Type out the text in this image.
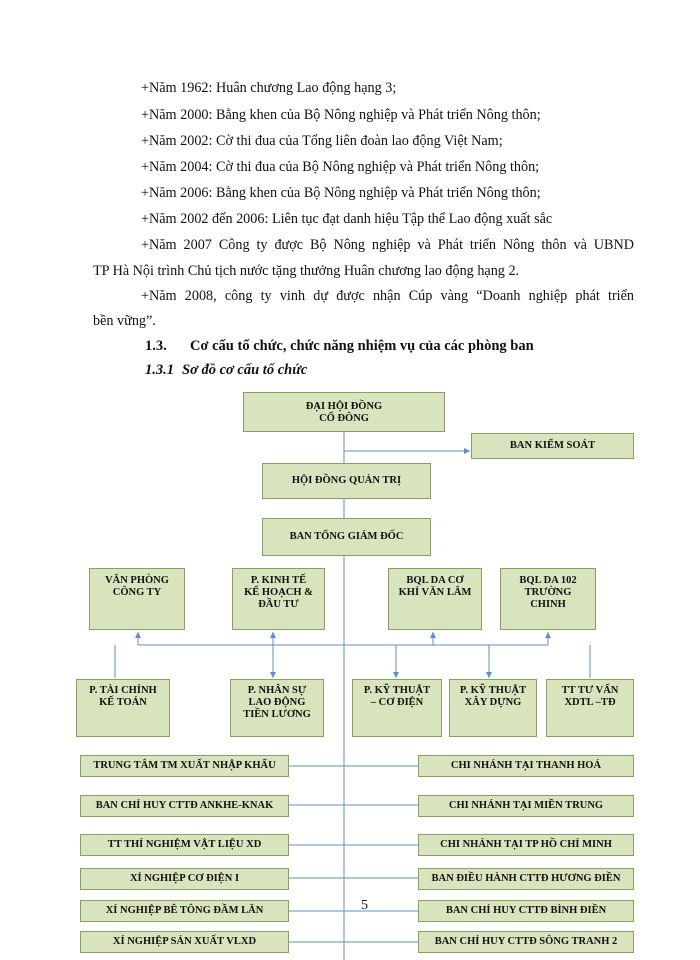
+Năm 1962: Huân chương Lao động hạng 3;
+Năm 2000: Bằng khen của Bộ Nông nghiệp và Phát triển Nông thôn;
+Năm 2002: Cờ thi đua của Tổng liên đoàn lao động Việt Nam;
+Năm 2004: Cờ thi đua của Bộ Nông nghiệp và Phát triển Nông thôn;
+Năm 2006: Bằng khen của Bộ Nông nghiệp và Phát triển Nông thôn;
+Năm 2002 đến 2006: Liên tục đạt danh hiệu Tập thể Lao động xuất sắc
+Năm 2007 Công ty được Bộ Nông nghiệp và Phát triển Nông thôn và UBND
TP Hà Nội trình Chủ tịch nước tặng thưởng Huân chương lao động hạng 2.
+Năm 2008, công ty vinh dự được nhận Cúp vàng “Doanh nghiệp phát triển
bền vững”.
1.3. Cơ cấu tổ chức, chức năng nhiệm vụ của các phòng ban
1.3.1 Sơ đồ cơ cấu tổ chức
ĐẠI HỘI ĐỒNG
CỔ ĐÔNG
BAN KIỂM SOÁT
HỘI ĐỒNG QUẢN TRỊ
BAN TỔNG GIÁM ĐỐC
VĂN PHÒNG
CÔNG TY
P. KINH TẾ
KẾ HOẠCH &
ĐẦU TƯ
BQL DA CƠ
KHÍ VĂN LÂM
BQL DA 102
TRƯỜNG
CHINH
P. TÀI CHÍNH
KẾ TOÁN
P. NHÂN SỰ
LAO ĐỘNG
TIỀN LƯƠNG
P. KỸ THUẬT
– CƠ ĐIỆN
P. KỸ THUẬT
XÂY DỰNG
TT TƯ VẤN
XDTL –TĐ
TRUNG TÂM TM XUẤT NHẬP KHẨU
BAN CHỈ HUY CTTĐ ANKHE-KNAK
TT THÍ NGHIỆM VẬT LIỆU XD
XÍ NGHIỆP CƠ ĐIỆN I
XÍ NGHIỆP BÊ TÔNG ĐẦM LĂN
XÍ NGHIỆP SẢN XUẤT VLXD
CHI NHÁNH TẠI THANH HOÁ
CHI NHÁNH TẠI MIỀN TRUNG
CHI NHÁNH TẠI TP HỒ CHÍ MINH
BAN ĐIỀU HÀNH CTTĐ HƯƠNG ĐIỀN
BAN CHỈ HUY CTTĐ BÌNH ĐIỀN
BAN CHỈ HUY CTTĐ SÔNG TRANH 2
5
